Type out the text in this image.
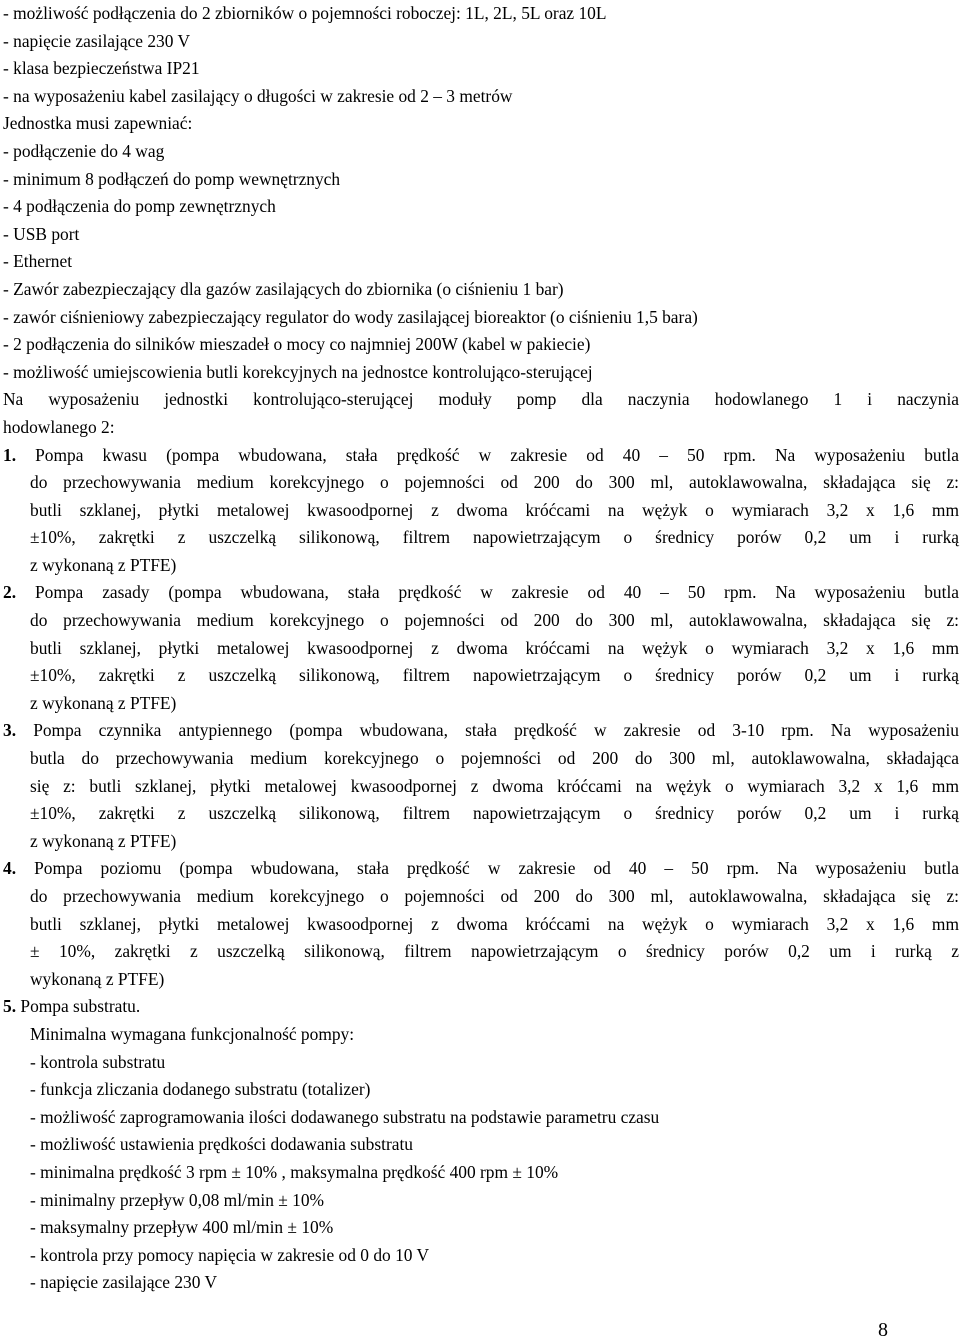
- możliwość podłączenia do 2 zbiorników o pojemności roboczej: 1L, 2L, 5L oraz 10L
- napięcie zasilające 230 V
- klasa bezpieczeństwa IP21
- na wyposażeniu kabel zasilający o długości w zakresie od 2 – 3 metrów
Jednostka musi zapewniać:
- podłączenie do 4 wag
- minimum 8 podłączeń do pomp wewnętrznych
- 4 podłączenia do pomp zewnętrznych
- USB port
- Ethernet
- Zawór zabezpieczający dla gazów zasilających do zbiornika (o ciśnieniu 1 bar)
- zawór ciśnieniowy zabezpieczający regulator do wody zasilającej bioreaktor (o ciśnieniu 1,5 bara)
- 2 podłączenia do silników mieszadeł o mocy co najmniej 200W (kabel w pakiecie)
- możliwość umiejscowienia butli korekcyjnych na jednostce kontrolująco-sterującej
Na wyposażeniu jednostki kontrolująco-sterującej moduły pomp dla naczynia hodowlanego 1 i naczynia
hodowlanego 2:
1. Pompa kwasu (pompa wbudowana, stała prędkość w zakresie od 40 – 50 rpm. Na wyposażeniu butla
do przechowywania medium korekcyjnego o pojemności od 200 do 300 ml, autoklawowalna, składająca się z:
butli szklanej, płytki metalowej kwasoodpornej z dwoma króćcami na wężyk o wymiarach 3,2 x 1,6 mm
±10%, zakrętki z uszczelką silikonową, filtrem napowietrzającym o średnicy porów 0,2 um i rurką
z wykonaną z PTFE)
2. Pompa zasady (pompa wbudowana, stała prędkość w zakresie od 40 – 50 rpm. Na wyposażeniu butla
do przechowywania medium korekcyjnego o pojemności od 200 do 300 ml, autoklawowalna, składająca się z:
butli szklanej, płytki metalowej kwasoodpornej z dwoma króćcami na wężyk o wymiarach 3,2 x 1,6 mm
±10%, zakrętki z uszczelką silikonową, filtrem napowietrzającym o średnicy porów 0,2 um i rurką
z wykonaną z PTFE)
3. Pompa czynnika antypiennego (pompa wbudowana, stała prędkość w zakresie od 3-10 rpm. Na wyposażeniu
butla do przechowywania medium korekcyjnego o pojemności od 200 do 300 ml, autoklawowalna, składająca
się z: butli szklanej, płytki metalowej kwasoodpornej z dwoma króćcami na wężyk o wymiarach 3,2 x 1,6 mm
±10%, zakrętki z uszczelką silikonową, filtrem napowietrzającym o średnicy porów 0,2 um i rurką
z wykonaną z PTFE)
4. Pompa poziomu (pompa wbudowana, stała prędkość w zakresie od 40 – 50 rpm. Na wyposażeniu butla
do przechowywania medium korekcyjnego o pojemności od 200 do 300 ml, autoklawowalna, składająca się z:
butli szklanej, płytki metalowej kwasoodpornej z dwoma króćcami na wężyk o wymiarach 3,2 x 1,6 mm
± 10%, zakrętki z uszczelką silikonową, filtrem napowietrzającym o średnicy porów 0,2 um i rurką z
wykonaną z PTFE)
5. Pompa substratu.
Minimalna wymagana funkcjonalność pompy:
- kontrola substratu
- funkcja zliczania dodanego substratu (totalizer)
- możliwość zaprogramowania ilości dodawanego substratu na podstawie parametru czasu
- możliwość ustawienia prędkości dodawania substratu
- minimalna prędkość 3 rpm ± 10% , maksymalna prędkość 400 rpm ± 10%
- minimalny przepływ 0,08 ml/min ± 10%
- maksymalny przepływ 400 ml/min ± 10%
- kontrola przy pomocy napięcia w zakresie od 0 do 10 V
- napięcie zasilające 230 V
8
